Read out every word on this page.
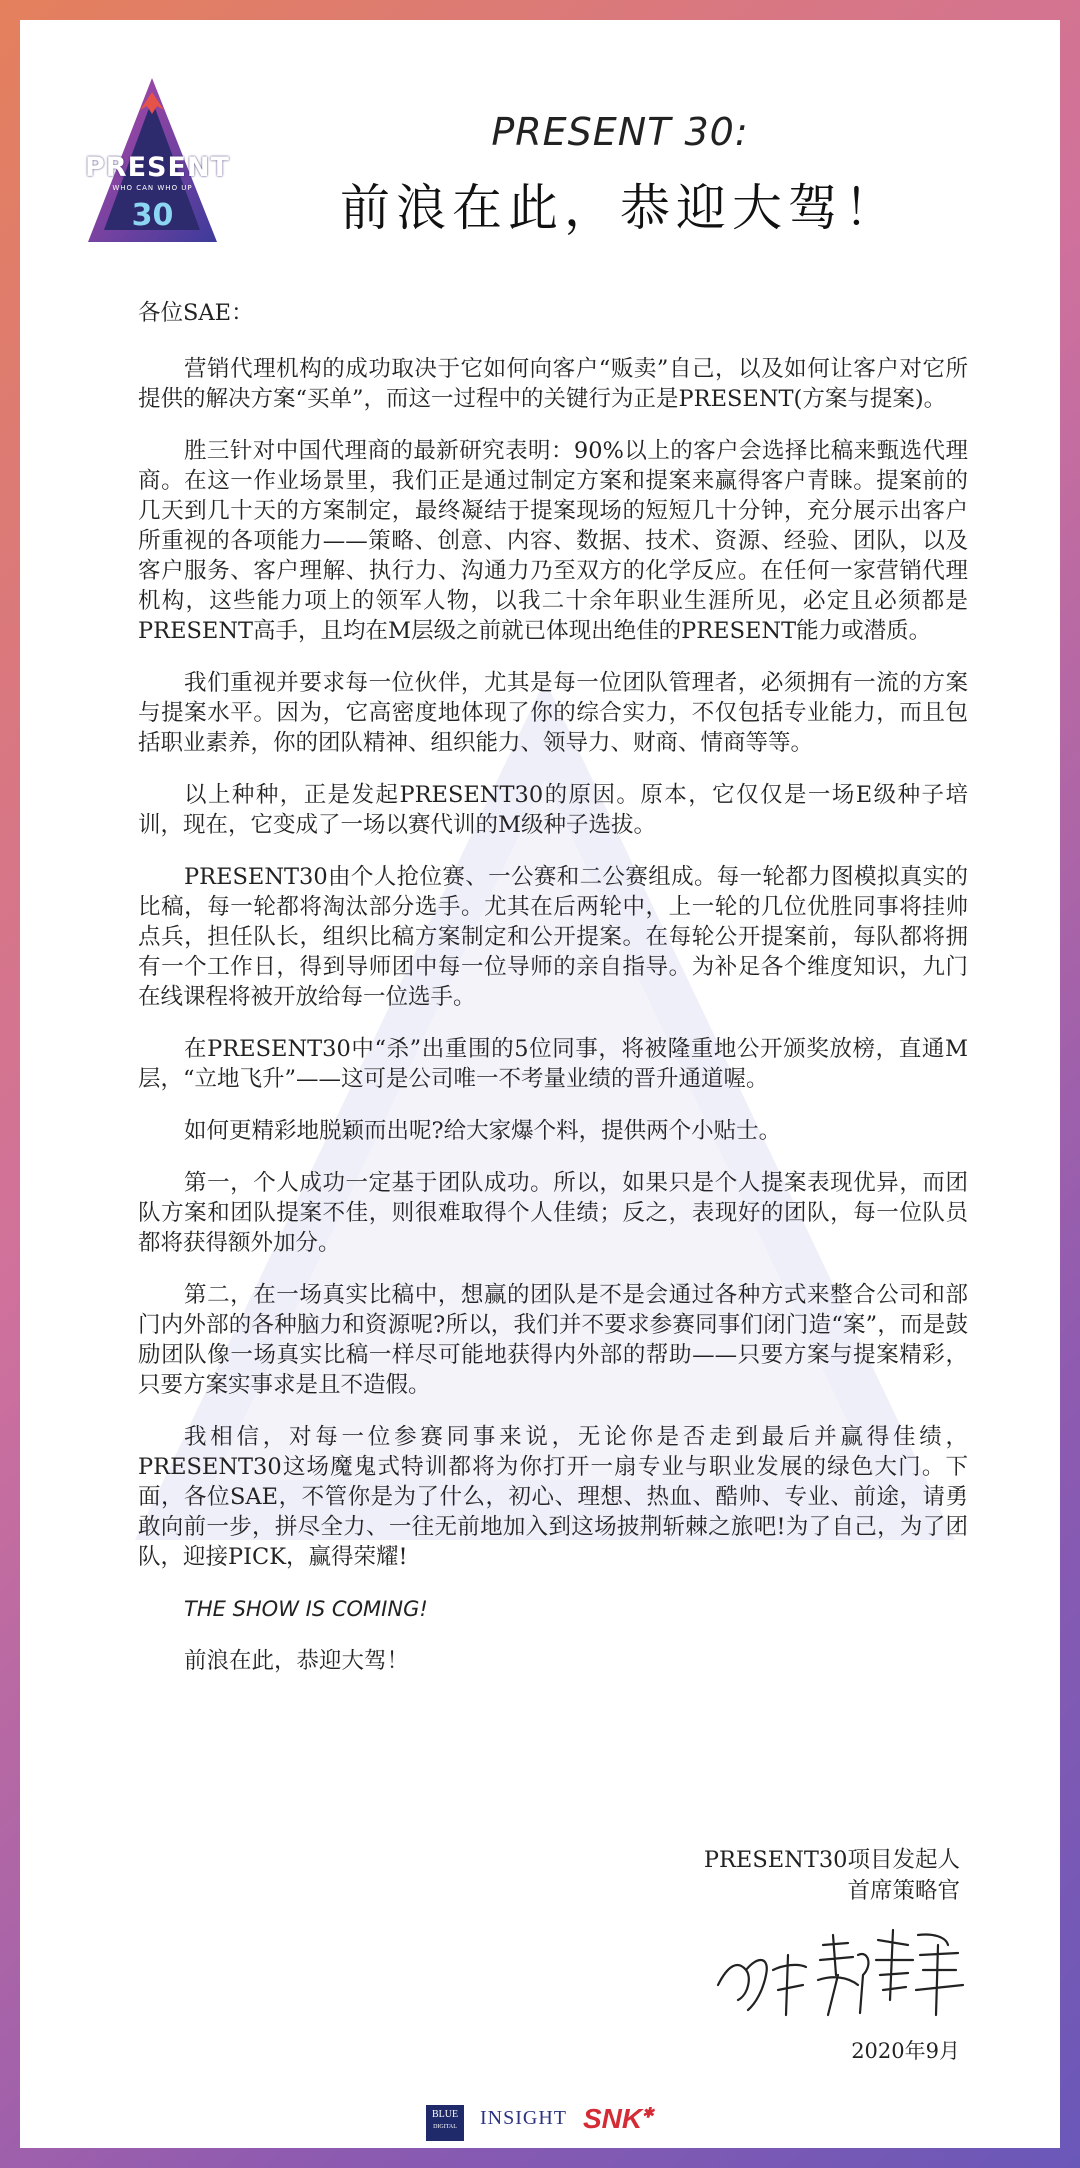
PRESENT
WHO CAN WHO UP
30
PRESENT 30:
前浪在此，恭迎大驾！

各位SAE：

营销代理机构的成功取决于它如何向客户“贩卖”自己，以及如何让客户对它所提供的解决方案“买单”，而这一过程中的关键行为正是PRESENT(方案与提案)。

胜三针对中国代理商的最新研究表明：90%以上的客户会选择比稿来甄选代理商。在这一作业场景里，我们正是通过制定方案和提案来赢得客户青睐。提案前的几天到几十天的方案制定，最终凝结于提案现场的短短几十分钟，充分展示出客户所重视的各项能力——策略、创意、内容、数据、技术、资源、经验、团队，以及客户服务、客户理解、执行力、沟通力乃至双方的化学反应。在任何一家营销代理机构，这些能力项上的领军人物，以我二十余年职业生涯所见，必定且必须都是PRESENT高手，且均在M层级之前就已体现出绝佳的PRESENT能力或潜质。

我们重视并要求每一位伙伴，尤其是每一位团队管理者，必须拥有一流的方案与提案水平。因为，它高密度地体现了你的综合实力，不仅包括专业能力，而且包括职业素养，你的团队精神、组织能力、领导力、财商、情商等等。

以上种种，正是发起PRESENT30的原因。原本，它仅仅是一场E级种子培训，现在，它变成了一场以赛代训的M级种子选拔。

PRESENT30由个人抢位赛、一公赛和二公赛组成。每一轮都力图模拟真实的比稿，每一轮都将淘汰部分选手。尤其在后两轮中，上一轮的几位优胜同事将挂帅点兵，担任队长，组织比稿方案制定和公开提案。在每轮公开提案前，每队都将拥有一个工作日，得到导师团中每一位导师的亲自指导。为补足各个维度知识，九门在线课程将被开放给每一位选手。

在PRESENT30中“杀”出重围的5位同事，将被隆重地公开颁奖放榜，直通M层，“立地飞升”——这可是公司唯一不考量业绩的晋升通道喔。

如何更精彩地脱颖而出呢?给大家爆个料，提供两个小贴士。

第一，个人成功一定基于团队成功。所以，如果只是个人提案表现优异，而团队方案和团队提案不佳，则很难取得个人佳绩；反之，表现好的团队，每一位队员都将获得额外加分。

第二，在一场真实比稿中，想赢的团队是不是会通过各种方式来整合公司和部门内外部的各种脑力和资源呢?所以，我们并不要求参赛同事们闭门造“案”，而是鼓励团队像一场真实比稿一样尽可能地获得内外部的帮助——只要方案与提案精彩，只要方案实事求是且不造假。

我相信，对每一位参赛同事来说，无论你是否走到最后并赢得佳绩，PRESENT30这场魔鬼式特训都将为你打开一扇专业与职业发展的绿色大门。下面，各位SAE，不管你是为了什么，初心、理想、热血、酷帅、专业、前途，请勇敢向前一步，拼尽全力、一往无前地加入到这场披荆斩棘之旅吧!为了自己，为了团队，迎接PICK，赢得荣耀!

THE SHOW IS COMING!

前浪在此，恭迎大驾！

PRESENT30项目发起人
首席策略官
2020年9月
BLUE
DIGITAL	INSIGHT SNK✱
